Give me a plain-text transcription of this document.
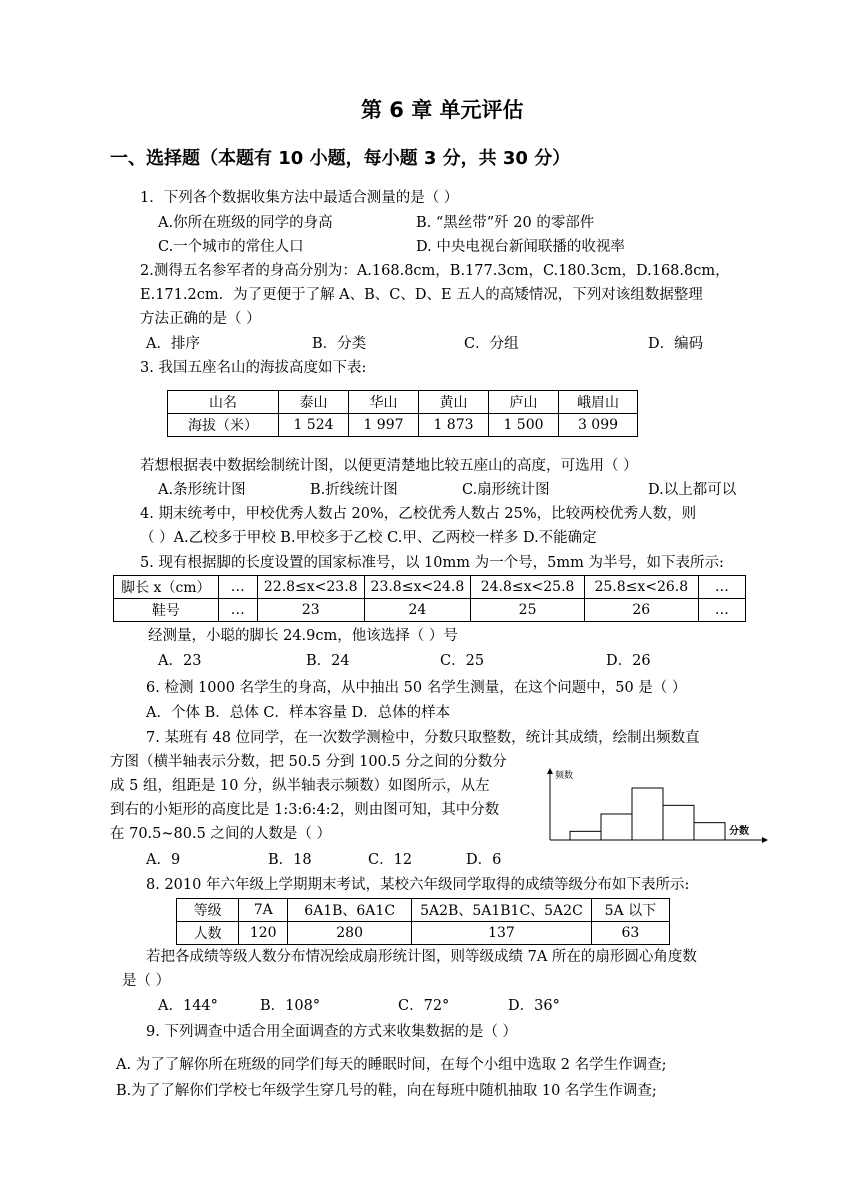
第 6 章 单元评估
一、选择题（本题有 10 小题，每小题 3 分，共 30 分）
1．下列各个数据收集方法中最适合测量的是（ ）
A.你所在班级的同学的身高	B. “黑丝带”歼 20 的零部件
C.一个城市的常住人口	D. 中央电视台新闻联播的收视率
2.测得五名参军者的身高分别为：A.168.8cm，B.177.3cm，C.180.3cm，D.168.8cm，
E.171.2cm．为了更便于了解 A、B、C、D、E 五人的高矮情况，下列对该组数据整理
方法正确的是（ ）
A．排序	B．分类	C．分组	D．编码
3. 我国五座名山的海拔高度如下表:
山名	泰山	华山	黄山	庐山	峨眉山
海拔（米）	1 524	1 997	1 873	1 500	3 099
若想根据表中数据绘制统计图，以便更清楚地比较五座山的高度，可选用（ ）
A.条形统计图	B.折线统计图	C.扇形统计图	D.以上都可以
4. 期末统考中，甲校优秀人数占 20%，乙校优秀人数占 25%，比较两校优秀人数，则
（ ）A.乙校多于甲校 B.甲校多于乙校 C.甲、乙两校一样多 D.不能确定
5. 现有根据脚的长度设置的国家标准号，以 10mm 为一个号，5mm 为半号，如下表所示:
脚长 x（cm）	…	22.8≤x<23.8	23.8≤x<24.8	24.8≤x<25.8	25.8≤x<26.8	…
鞋号	…	23	24	25	26	…
经测量，小聪的脚长 24.9cm，他该选择（ ）号
A．23	B．24	C．25	D．26
6. 检测 1000 名学生的身高，从中抽出 50 名学生测量，在这个问题中，50 是（ ）
A．个体 B．总体 C．样本容量 D．总体的样本
7. 某班有 48 位同学，在一次数学测检中，分数只取整数，统计其成绩，绘制出频数直
方图（横半轴表示分数，把 50.5 分到 100.5 分之间的分数分
成 5 组，组距是 10 分，纵半轴表示频数）如图所示，从左
到右的小矩形的高度比是 1:3:6:4:2，则由图可知，其中分数
在 70.5~80.5 之间的人数是（ ）
A．9	B．18	C．12	D．6
频数
分数
8. 2010 年六年级上学期期末考试，某校六年级同学取得的成绩等级分布如下表所示:
等级	7A	6A1B、6A1C	5A2B、5A1B1C、5A2C	5A 以下
人数	120	280	137	63
若把各成绩等级人数分布情况绘成扇形统计图，则等级成绩 7A 所在的扇形圆心角度数
是（ ）
A．144°	B．108°	C．72°	D．36°
9. 下列调查中适合用全面调查的方式来收集数据的是（ ）
A. 为了了解你所在班级的同学们每天的睡眠时间，在每个小组中选取 2 名学生作调查;
B.为了了解你们学校七年级学生穿几号的鞋，向在每班中随机抽取 10 名学生作调查;
